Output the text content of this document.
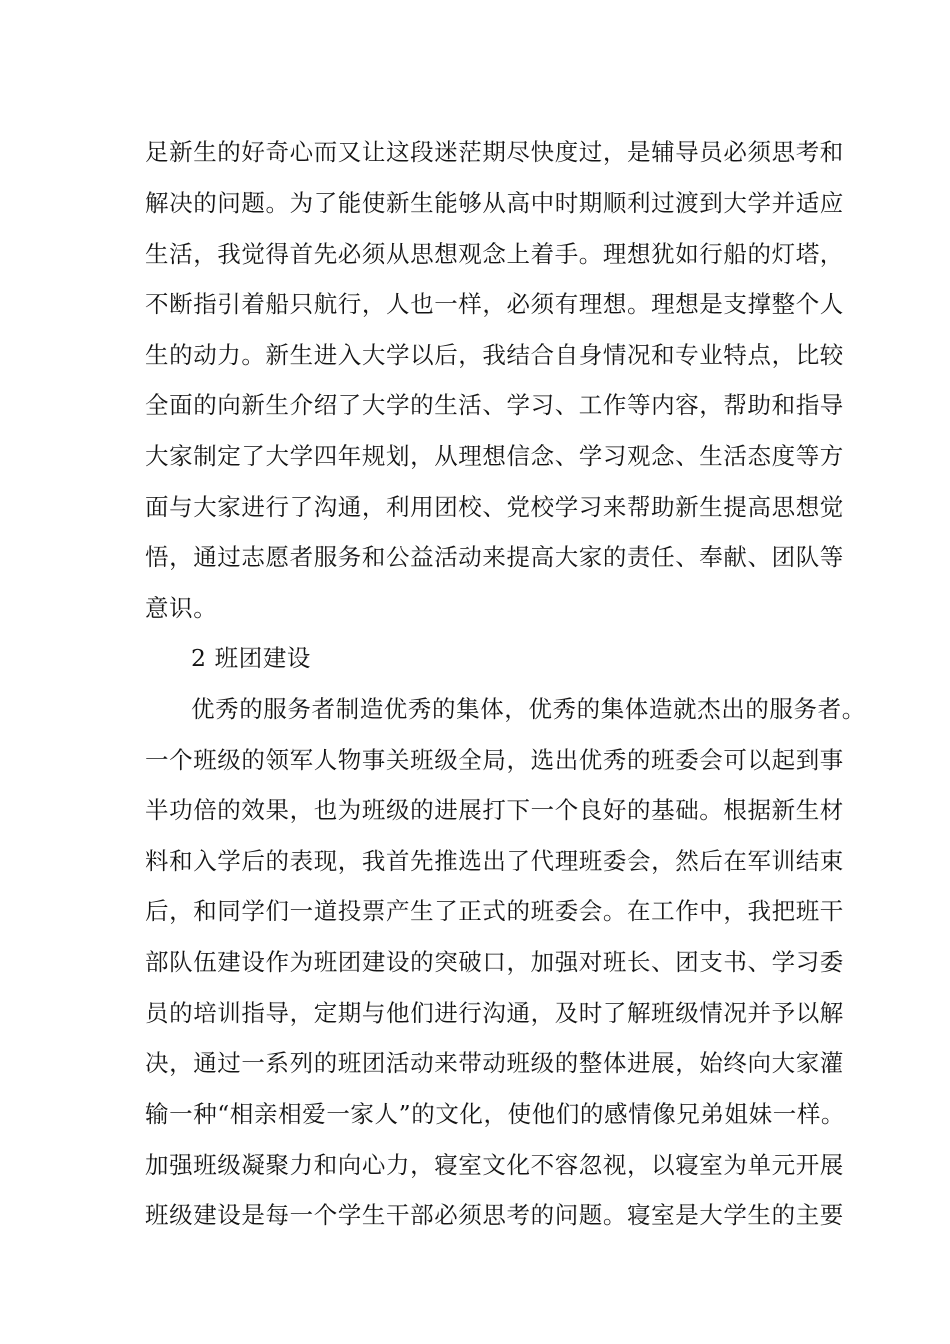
足新生的好奇心而又让这段迷茫期尽快度过，是辅导员必须思考和

解决的问题。为了能使新生能够从高中时期顺利过渡到大学并适应

生活，我觉得首先必须从思想观念上着手。理想犹如行船的灯塔，

不断指引着船只航行，人也一样，必须有理想。理想是支撑整个人

生的动力。新生进入大学以后，我结合自身情况和专业特点，比较

全面的向新生介绍了大学的生活、学习、工作等内容，帮助和指导

大家制定了大学四年规划，从理想信念、学习观念、生活态度等方

面与大家进行了沟通，利用团校、党校学习来帮助新生提高思想觉

悟，通过志愿者服务和公益活动来提高大家的责任、奉献、团队等

意识。

2 班团建设

优秀的服务者制造优秀的集体，优秀的集体造就杰出的服务者。

一个班级的领军人物事关班级全局，选出优秀的班委会可以起到事

半功倍的效果，也为班级的进展打下一个良好的基础。根据新生材

料和入学后的表现，我首先推选出了代理班委会，然后在军训结束

后，和同学们一道投票产生了正式的班委会。在工作中，我把班干

部队伍建设作为班团建设的突破口，加强对班长、团支书、学习委

员的培训指导，定期与他们进行沟通，及时了解班级情况并予以解

决，通过一系列的班团活动来带动班级的整体进展，始终向大家灌

输一种“相亲相爱一家人”的文化，使他们的感情像兄弟姐妹一样。

加强班级凝聚力和向心力，寝室文化不容忽视，以寝室为单元开展

班级建设是每一个学生干部必须思考的问题。寝室是大学生的主要
